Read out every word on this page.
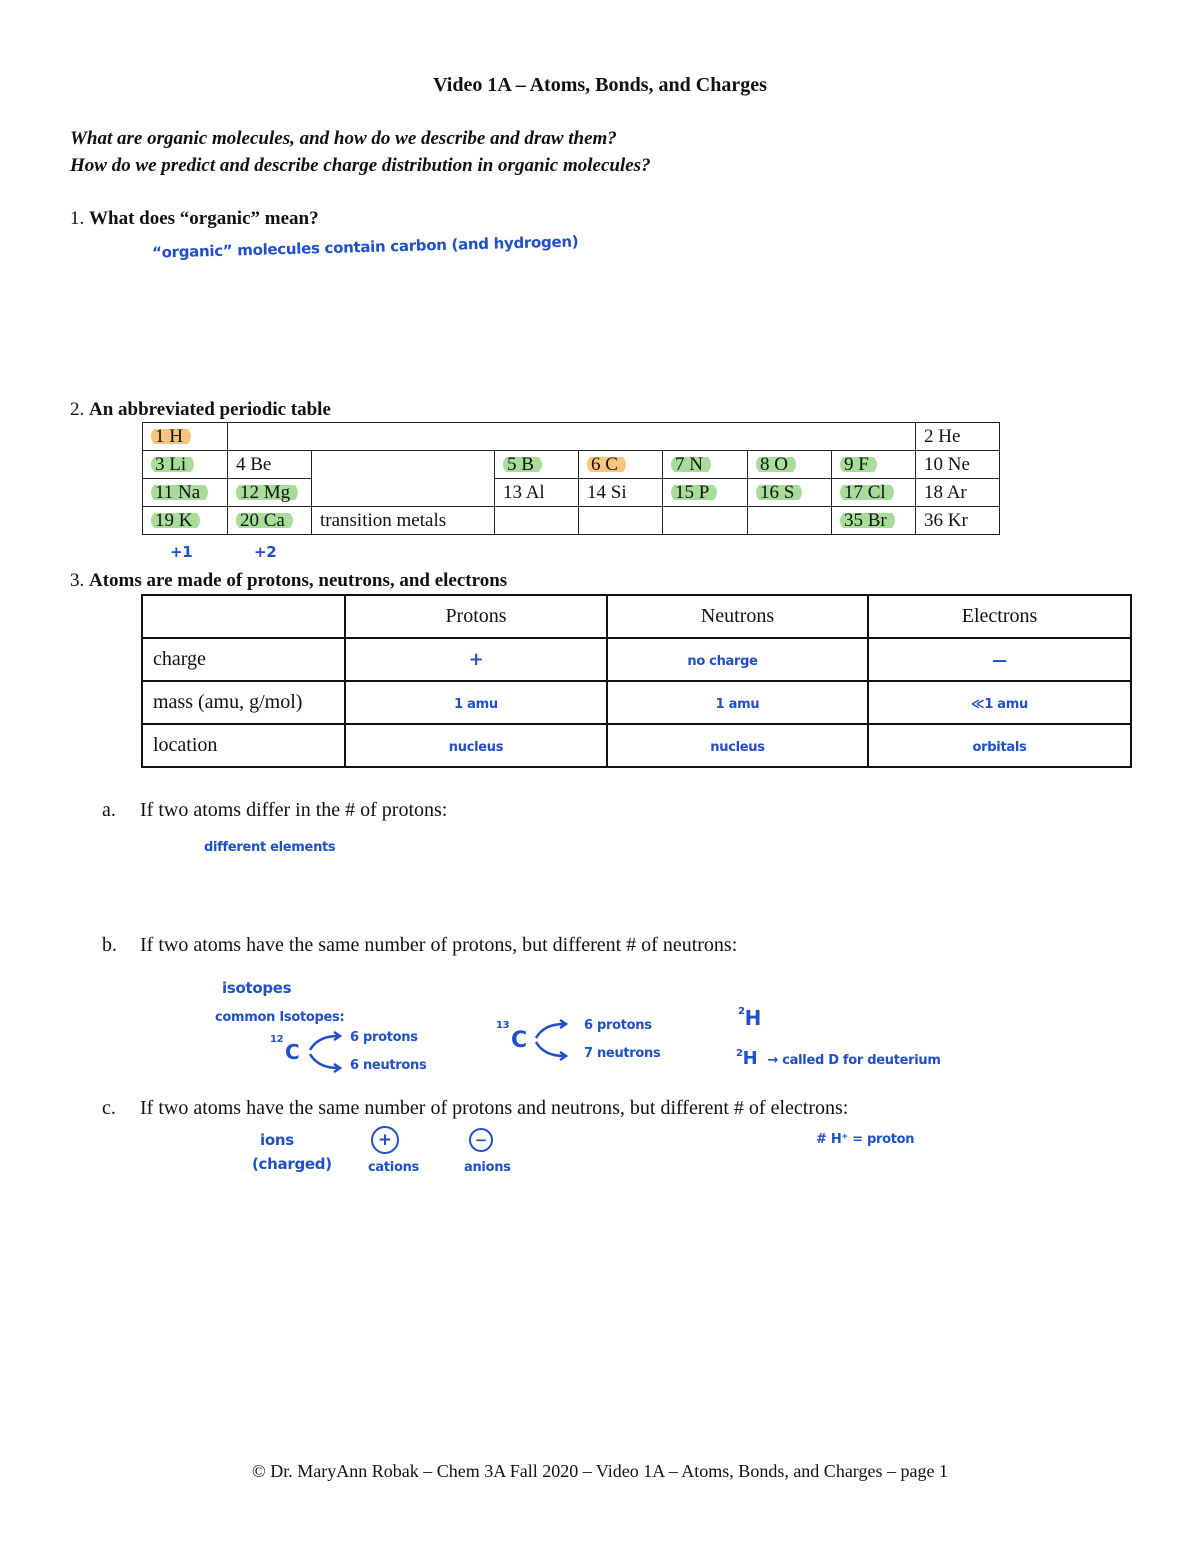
Video 1A – Atoms, Bonds, and Charges
What are organic molecules, and how do we describe and draw them?
How do we predict and describe charge distribution in organic molecules?
1. What does “organic” mean?
“organic” molecules contain carbon (and hydrogen)
2. An abbreviated periodic table
1 H								2 He
3 Li	4 Be		5 B	6 C	7 N	8 O	9 F	10 Ne
11 Na	12 Mg		13 Al	14 Si	15 P	16 S	17 Cl	18 Ar
19 K	20 Ca	transition metals					35 Br	36 Kr
+1	+2
3. Atoms are made of protons, neutrons, and electrons
	Protons	Neutrons	Electrons
charge	+	no charge	—
mass (amu, g/mol)	1 amu	1 amu	≪1 amu
location	nucleus	nucleus	orbitals
a. If two atoms differ in the # of protons:
different elements
b. If two atoms have the same number of protons, but different # of neutrons:
isotopes
common Isotopes:
12
C
6 protons
6 neutrons
13
C
6 protons
7 neutrons
$^2$H
$^2$H → called D for deuterium
c. If two atoms have the same number of protons and neutrons, but different # of electrons:
ions
(charged)
+
cations
−
anions
# H⁺ = proton
© Dr. MaryAnn Robak – Chem 3A Fall 2020 – Video 1A – Atoms, Bonds, and Charges – page 1
